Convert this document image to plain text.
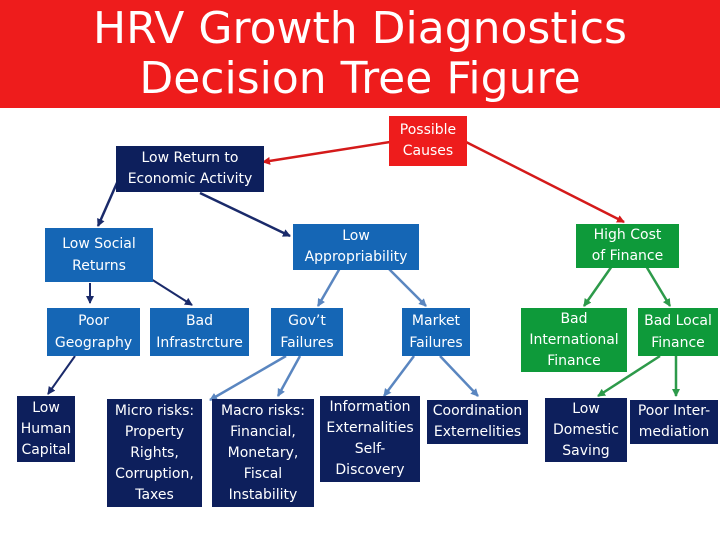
HRV Growth Diagnostics
Decision Tree Figure
Possible
Causes
Low Return to
Economic Activity
Low Social
Returns
Low
Appropriability
High Cost
of Finance
Poor
Geography
Bad
Infrastrcture
Gov’t
Failures
Market
Failures
Bad
International
Finance
Bad Local
Finance
Low
Human
Capital
Micro risks:
Property
Rights,
Corruption,
Taxes
Macro risks:
Financial,
Monetary,
Fiscal
Instability
Information
Externalities
Self-
Discovery
Coordination
Externelities
Low
Domestic
Saving
Poor Inter-
mediation
